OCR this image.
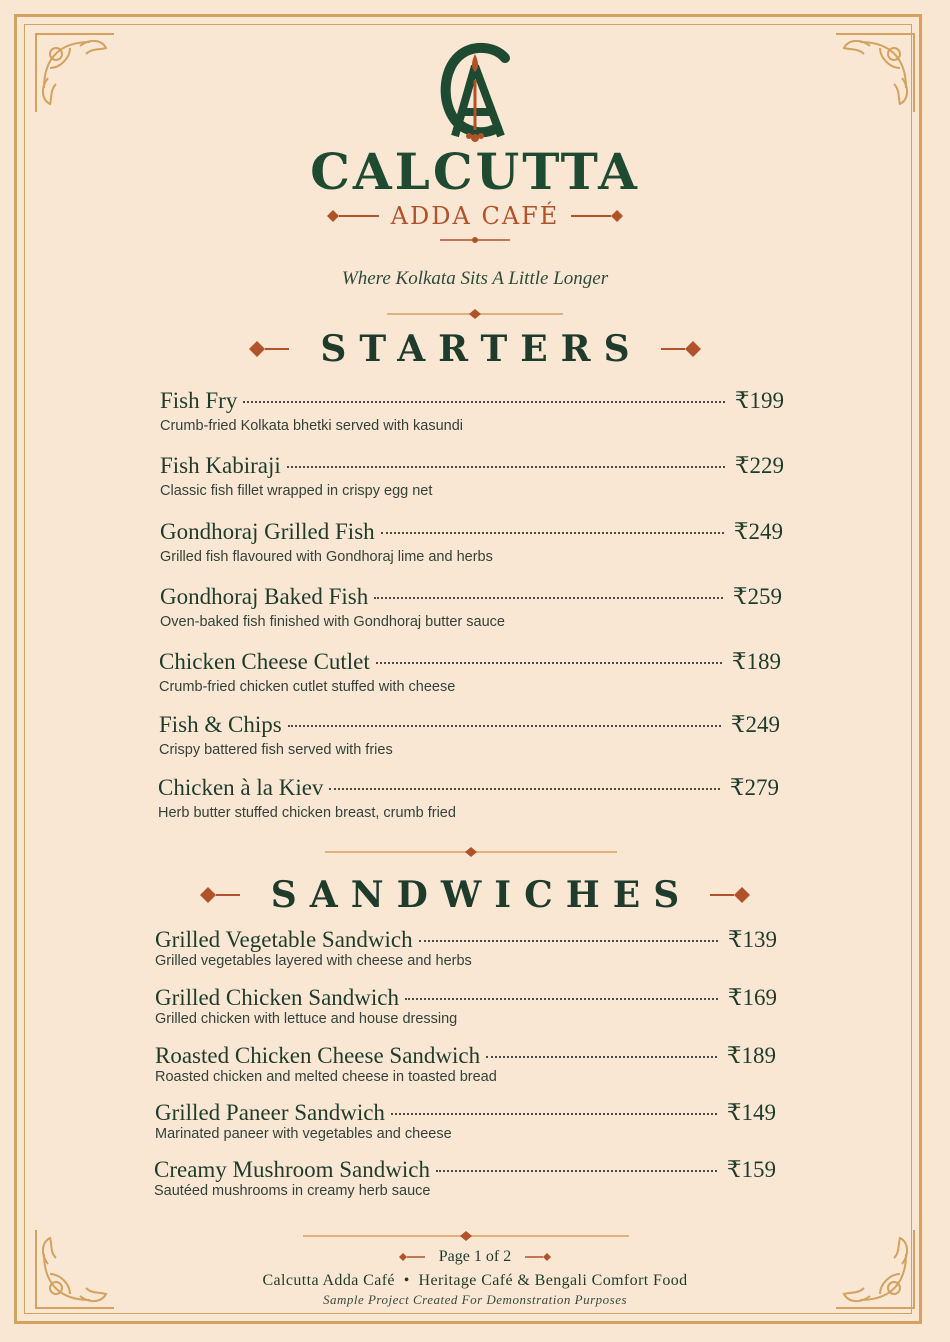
CALCUTTA
ADDA CAFÉ
Where Kolkata Sits A Little Longer
STARTERS
Fish Fry	₹199
Crumb-fried Kolkata bhetki served with kasundi
Fish Kabiraji	₹229
Classic fish fillet wrapped in crispy egg net
Gondhoraj Grilled Fish	₹249
Grilled fish flavoured with Gondhoraj lime and herbs
Gondhoraj Baked Fish	₹259
Oven-baked fish finished with Gondhoraj butter sauce
Chicken Cheese Cutlet	₹189
Crumb-fried chicken cutlet stuffed with cheese
Fish & Chips	₹249
Crispy battered fish served with fries
Chicken à la Kiev	₹279
Herb butter stuffed chicken breast, crumb fried
SANDWICHES
Grilled Vegetable Sandwich	₹139
Grilled vegetables layered with cheese and herbs
Grilled Chicken Sandwich	₹169
Grilled chicken with lettuce and house dressing
Roasted Chicken Cheese Sandwich	₹189
Roasted chicken and melted cheese in toasted bread
Grilled Paneer Sandwich	₹149
Marinated paneer with vegetables and cheese
Creamy Mushroom Sandwich	₹159
Sautéed mushrooms in creamy herb sauce
Page 1 of 2
Calcutta Adda Café  •  Heritage Café & Bengali Comfort Food
Sample Project Created For Demonstration Purposes
